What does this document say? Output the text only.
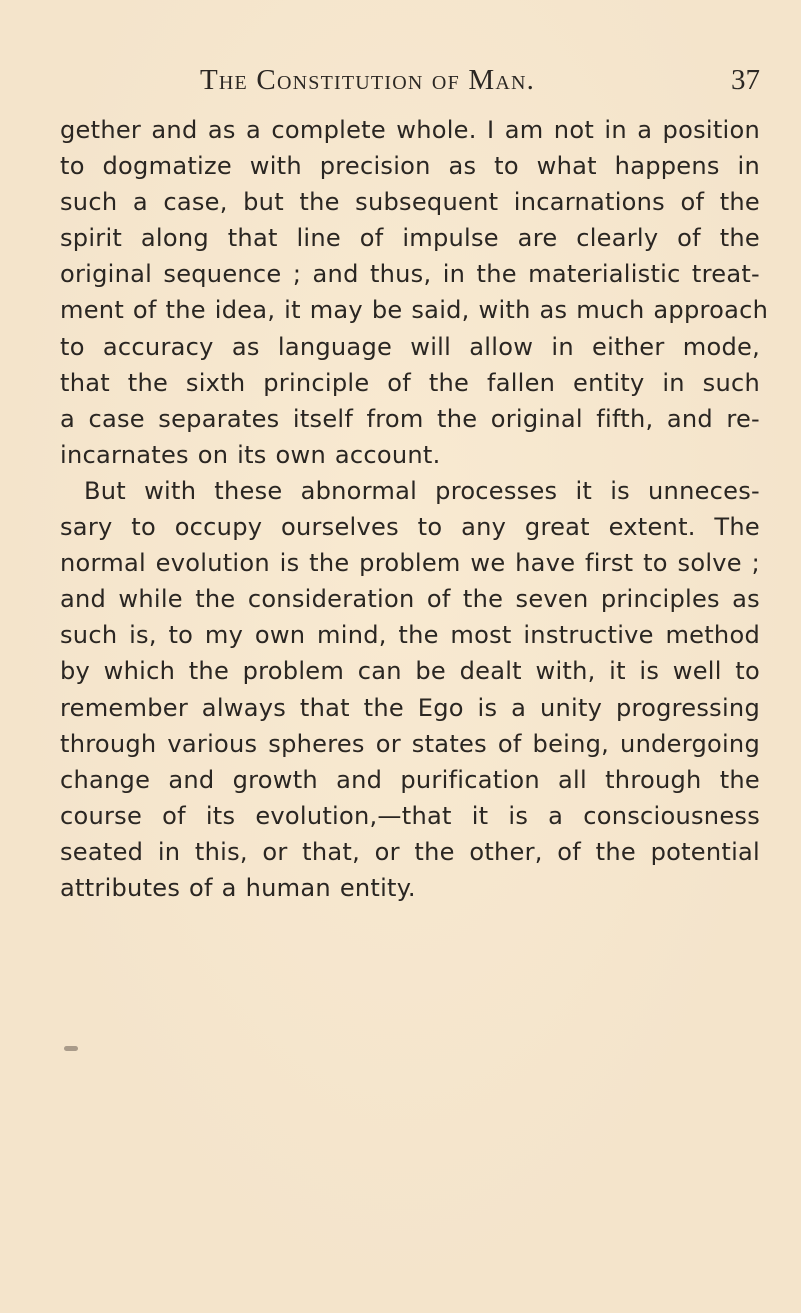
The Constitution of Man.	37
gether and as a complete whole. I am not in a position
to dogmatize with precision as to what happens in
such a case, but the subsequent incarnations of the
spirit along that line of impulse are clearly of the
original sequence ; and thus, in the materialistic treat-
ment of the idea, it may be said, with as much approach
to accuracy as language will allow in either mode,
that the sixth principle of the fallen entity in such
a case separates itself from the original fifth, and re-
incarnates on its own account.
But with these abnormal processes it is unneces-
sary to occupy ourselves to any great extent. The
normal evolution is the problem we have first to solve ;
and while the consideration of the seven principles as
such is, to my own mind, the most instructive method
by which the problem can be dealt with, it is well to
remember always that the Ego is a unity progressing
through various spheres or states of being, undergoing
change and growth and purification all through the
course of its evolution,—that it is a consciousness
seated in this, or that, or the other, of the potential
attributes of a human entity.
